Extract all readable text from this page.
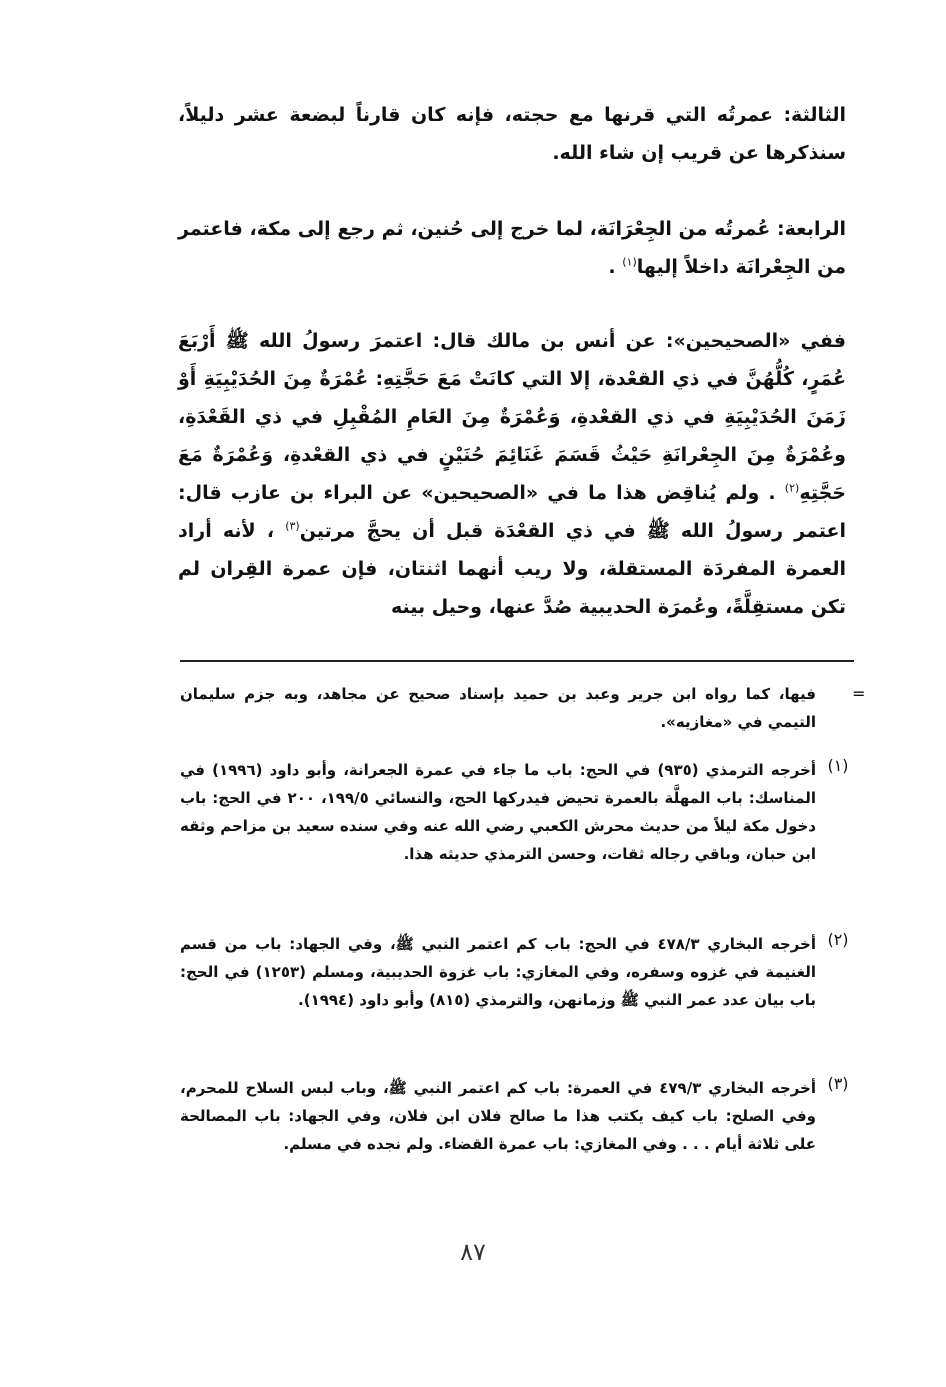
الثالثة: عمرتُه التي قرنها مع حجته، فإنه كان قارناً لبضعة عشر دليلاً، سنذكرها عن قريب إن شاء الله.

الرابعة: عُمرتُه من الجِعْرَانَة، لما خرج إلى حُنين، ثم رجع إلى مكة، فاعتمر من الجِعْرانَة داخلاً إليها$^{(١)}$ .

ففي «الصحيحين»: عن أنس بن مالك قال: اعتمرَ رسولُ الله ﷺ أَرْبَعَ عُمَرٍ، كُلُّهُنَّ في ذي القعْدة، إلا التي كانَتْ مَعَ حَجَّتِهِ: عُمْرَةٌ مِنَ الحُدَيْبِيَةِ أَوْ زَمَنَ الحُدَيْبِيَةِ في ذي القعْدةِ، وَعُمْرَةٌ مِنَ العَامِ المُقْبِلِ في ذي القَعْدَةِ، وعُمْرَةٌ مِنَ الجِعْرانَةِ حَيْثُ قَسَمَ غَنَائِمَ حُنَيْنٍ في ذي القعْدةِ، وَعُمْرَةٌ مَعَ حَجَّتِهِ$^{(٢)}$ . ولم يُناقِض هذا ما في «الصحيحين» عن البراء بن عازب قال: اعتمر رسولُ الله ﷺ في ذي القعْدَة قبل أن يحجَّ مرتين$^{(٣)}$ ، لأنه أراد العمرة المفردَة المستقلة، ولا ريب أنهما اثنتان، فإن عمرة القِران لم تكن مستقِلَّةً، وعُمرَة الحديبية صُدَّ عنها، وحيل بينه

=

فيها، كما رواه ابن جرير وعبد بن حميد بإسناد صحيح عن مجاهد، وبه جزم سليمان التيمي في «مغازيه».

(١)

أخرجه الترمذي (٩٣٥) في الحج: باب ما جاء في عمرة الجعرانة، وأبو داود (١٩٩٦) في المناسك: باب المهلَّة بالعمرة تحيض فيدركها الحج، والنسائي ١٩٩/٥، ٢٠٠ في الحج: باب دخول مكة ليلاً من حديث محرش الكعبي رضي الله عنه وفي سنده سعيد بن مزاحم وثقه ابن حبان، وباقي رجاله ثقات، وحسن الترمذي حديثه هذا.

(٢)

أخرجه البخاري ٤٧٨/٣ في الحج: باب كم اعتمر النبي ﷺ، وفي الجهاد: باب من قسم الغنيمة في غزوه وسفره، وفي المغازي: باب غزوة الحديبية، ومسلم (١٢٥٣) في الحج: باب بيان عدد عمر النبي ﷺ وزمانهن، والترمذي (٨١٥) وأبو داود (١٩٩٤).

(٣)

أخرجه البخاري ٤٧٩/٣ في العمرة: باب كم اعتمر النبي ﷺ، وباب لبس السلاح للمحرم، وفي الصلح: باب كيف يكتب هذا ما صالح فلان ابن فلان، وفي الجهاد: باب المصالحة على ثلاثة أيام . . . وفي المغازي: باب عمرة القضاء. ولم نجده في مسلم.

٨٧
